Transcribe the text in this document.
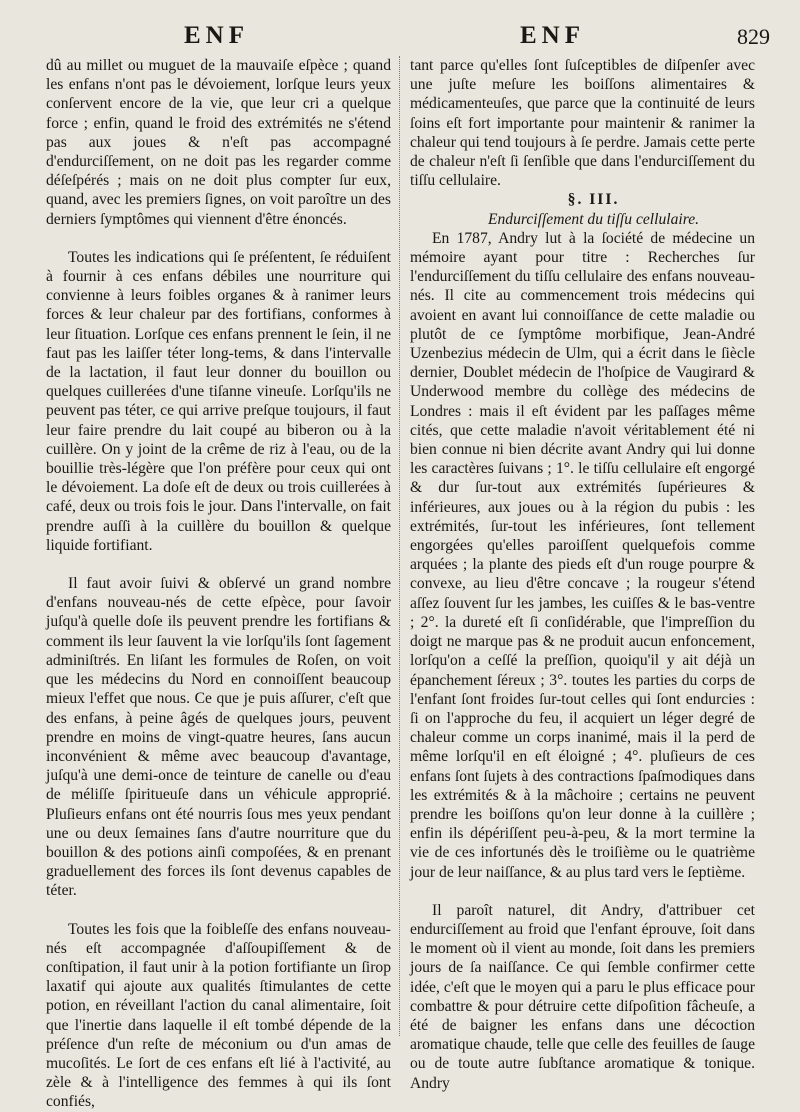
ENF	ENF	829

dû au millet ou muguet de la mauvaiſe eſpèce ; quand les enfans n'ont pas le dévoiement, lorſque leurs yeux conſervent encore de la vie, que leur cri a quelque force ; enfin, quand le froid des extrémités ne s'étend pas aux joues & n'eſt pas accompagné d'endurciſſement, on ne doit pas les regarder comme déſeſpérés ; mais on ne doit plus compter ſur eux, quand, avec les premiers ſignes, on voit paroître un des derniers ſymptômes qui viennent d'être énoncés.

Toutes les indications qui ſe préſentent, ſe réduiſent à fournir à ces enfans débiles une nourriture qui convienne à leurs foibles organes & à ranimer leurs forces & leur chaleur par des fortifians, conformes à leur ſituation. Lorſque ces enfans prennent le ſein, il ne faut pas les laiſſer téter long-tems, & dans l'intervalle de la lactation, il faut leur donner du bouillon ou quelques cuillerées d'une tiſanne vineuſe. Lorſqu'ils ne peuvent pas téter, ce qui arrive preſque toujours, il faut leur faire prendre du lait coupé au biberon ou à la cuillère. On y joint de la crême de riz à l'eau, ou de la bouillie très-légère que l'on préfère pour ceux qui ont le dévoiement. La doſe eſt de deux ou trois cuillerées à café, deux ou trois fois le jour. Dans l'intervalle, on fait prendre auſſi à la cuillère du bouillon & quelque liquide fortifiant.

Il faut avoir ſuivi & obſervé un grand nombre d'enfans nouveau-nés de cette eſpèce, pour ſavoir juſqu'à quelle doſe ils peuvent prendre les fortifians & comment ils leur ſauvent la vie lorſqu'ils ſont ſagement adminiſtrés. En liſant les formules de Roſen, on voit que les médecins du Nord en connoiſſent beaucoup mieux l'effet que nous. Ce que je puis aſſurer, c'eſt que des enfans, à peine âgés de quelques jours, peuvent prendre en moins de vingt-quatre heures, ſans aucun inconvénient & même avec beaucoup d'avantage, juſqu'à une demi-once de teinture de canelle ou d'eau de méliſſe ſpiritueuſe dans un véhicule approprié. Pluſieurs enfans ont été nourris ſous mes yeux pendant une ou deux ſemaines ſans d'autre nourriture que du bouillon & des potions ainſi compoſées, & en prenant graduellement des forces ils ſont devenus capables de téter.

Toutes les fois que la foibleſſe des enfans nouveau-nés eſt accompagnée d'aſſoupiſſement & de conſtipation, il faut unir à la potion fortifiante un ſirop laxatif qui ajoute aux qualités ſtimulantes de cette potion, en réveillant l'action du canal alimentaire, ſoit que l'inertie dans laquelle il eſt tombé dépende de la préſence d'un reſte de méconium ou d'un amas de mucoſités. Le ſort de ces enfans eſt lié à l'activité, au zèle & à l'intelligence des femmes à qui ils ſont confiés,

tant parce qu'elles ſont ſuſceptibles de diſpenſer avec une juſte meſure les boiſſons alimentaires & médicamenteuſes, que parce que la continuité de leurs ſoins eſt fort importante pour maintenir & ranimer la chaleur qui tend toujours à ſe perdre. Jamais cette perte de chaleur n'eſt ſi ſenſible que dans l'endurciſſement du tiſſu cellulaire.

§. III.

Endurciſſement du tiſſu cellulaire.

En 1787, Andry lut à la ſociété de médecine un mémoire ayant pour titre : Recherches ſur l'endurciſſement du tiſſu cellulaire des enfans nouveau-nés. Il cite au commencement trois médecins qui avoient en avant lui connoiſſance de cette maladie ou plutôt de ce ſymptôme morbifique, Jean-André Uzenbezius médecin de Ulm, qui a écrit dans le ſiècle dernier, Doublet médecin de l'hoſpice de Vaugirard & Underwood membre du collège des médecins de Londres : mais il eſt évident par les paſſages même cités, que cette maladie n'avoit véritablement été ni bien connue ni bien décrite avant Andry qui lui donne les caractères ſuivans ; 1°. le tiſſu cellulaire eſt engorgé & dur ſur-tout aux extrémités ſupérieures & inférieures, aux joues ou à la région du pubis : les extrémités, ſur-tout les inférieures, ſont tellement engorgées qu'elles paroiſſent quelquefois comme arquées ; la plante des pieds eſt d'un rouge pourpre & convexe, au lieu d'être concave ; la rougeur s'étend aſſez ſouvent ſur les jambes, les cuiſſes & le bas-ventre ; 2°. la dureté eſt ſi conſidérable, que l'impreſſion du doigt ne marque pas & ne produit aucun enfoncement, lorſqu'on a ceſſé la preſſion, quoiqu'il y ait déjà un épanchement ſéreux ; 3°. toutes les parties du corps de l'enfant ſont froides ſur-tout celles qui ſont endurcies : ſi on l'approche du feu, il acquiert un léger degré de chaleur comme un corps inanimé, mais il la perd de même lorſqu'il en eſt éloigné ; 4°. pluſieurs de ces enfans ſont ſujets à des contractions ſpaſmodiques dans les extrémités & à la mâchoire ; certains ne peuvent prendre les boiſſons qu'on leur donne à la cuillère ; enfin ils dépériſſent peu-à-peu, & la mort termine la vie de ces infortunés dès le troiſième ou le quatrième jour de leur naiſſance, & au plus tard vers le ſeptième.

Il paroît naturel, dit Andry, d'attribuer cet endurciſſement au froid que l'enfant éprouve, ſoit dans le moment où il vient au monde, ſoit dans les premiers jours de ſa naiſſance. Ce qui ſemble confirmer cette idée, c'eſt que le moyen qui a paru le plus efficace pour combattre & pour détruire cette diſpoſition fâcheuſe, a été de baigner les enfans dans une décoction aromatique chaude, telle que celle des feuilles de ſauge ou de toute autre ſubſtance aromatique & tonique. Andry
